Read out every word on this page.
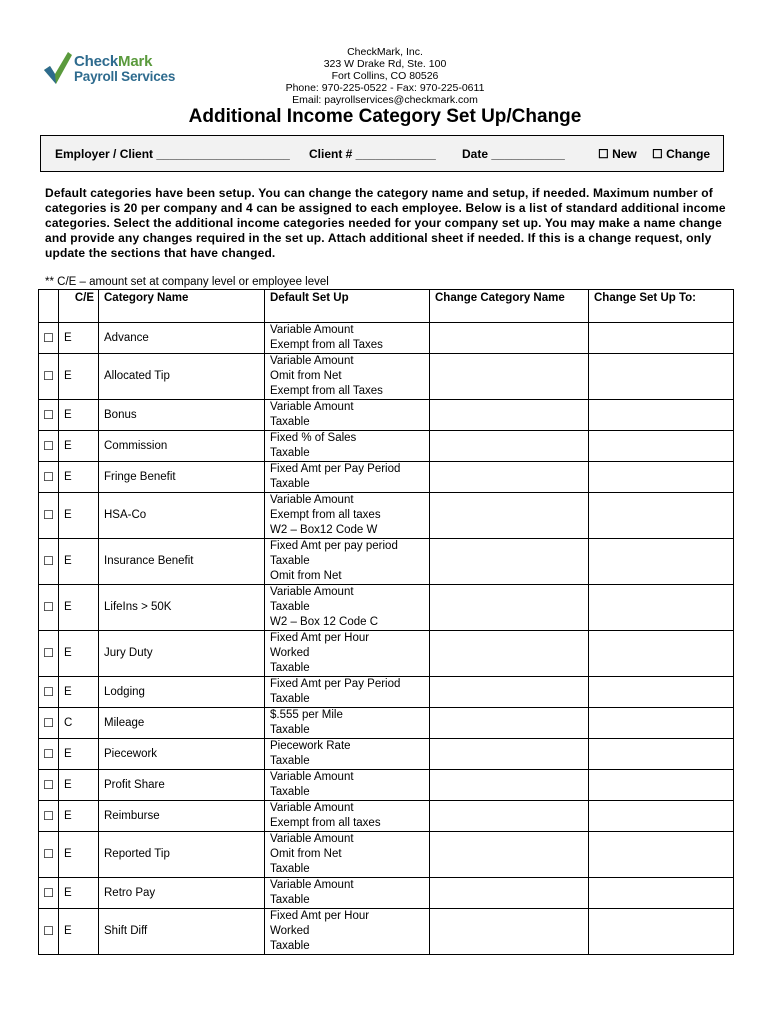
CheckMark
Payroll Services
CheckMark, Inc.
323 W Drake Rd, Ste. 100
Fort Collins, CO 80526
Phone: 970-225-0522 - Fax: 970-225-0611
Email: payrollservices@checkmark.com
Additional Income Category Set Up/Change
Employer / Client ____________________ Client # ____________ Date ___________	☐ New ☐ Change
Default categories have been setup. You can change the category name and setup, if needed. Maximum number of categories is 20 per company and 4 can be assigned to each employee. Below is a list of standard additional income categories. Select the additional income categories needed for your company set up. You may make a name change and provide any changes required in the set up. Attach additional sheet if needed. If this is a change request, only update the sections that have changed.
** C/E – amount set at company level or employee level
	C/E	Category Name	Default Set Up	Change Category Name	Change Set Up To:
☐	E	Advance	Variable Amount
Exempt from all Taxes		

☐	E	Allocated Tip	Variable Amount
Omit from Net
Exempt from all Taxes		

☐	E	Bonus	Variable Amount
Taxable		

☐	E	Commission	Fixed % of Sales
Taxable		

☐	E	Fringe Benefit	Fixed Amt per Pay Period
Taxable		

☐	E	HSA-Co	Variable Amount
Exempt from all taxes
W2 – Box12 Code W		

☐	E	Insurance Benefit	Fixed Amt per pay period
Taxable
Omit from Net		

☐	E	LifeIns > 50K	Variable Amount
Taxable
W2 – Box 12 Code C		

☐	E	Jury Duty	Fixed Amt per Hour
Worked
Taxable		

☐	E	Lodging	Fixed Amt per Pay Period
Taxable		

☐	C	Mileage	$.555 per Mile
Taxable		

☐	E	Piecework	Piecework Rate
Taxable		

☐	E	Profit Share	Variable Amount
Taxable		

☐	E	Reimburse	Variable Amount
Exempt from all taxes		

☐	E	Reported Tip	Variable Amount
Omit from Net
Taxable		

☐	E	Retro Pay	Variable Amount
Taxable		

☐	E	Shift Diff	Fixed Amt per Hour
Worked
Taxable		
